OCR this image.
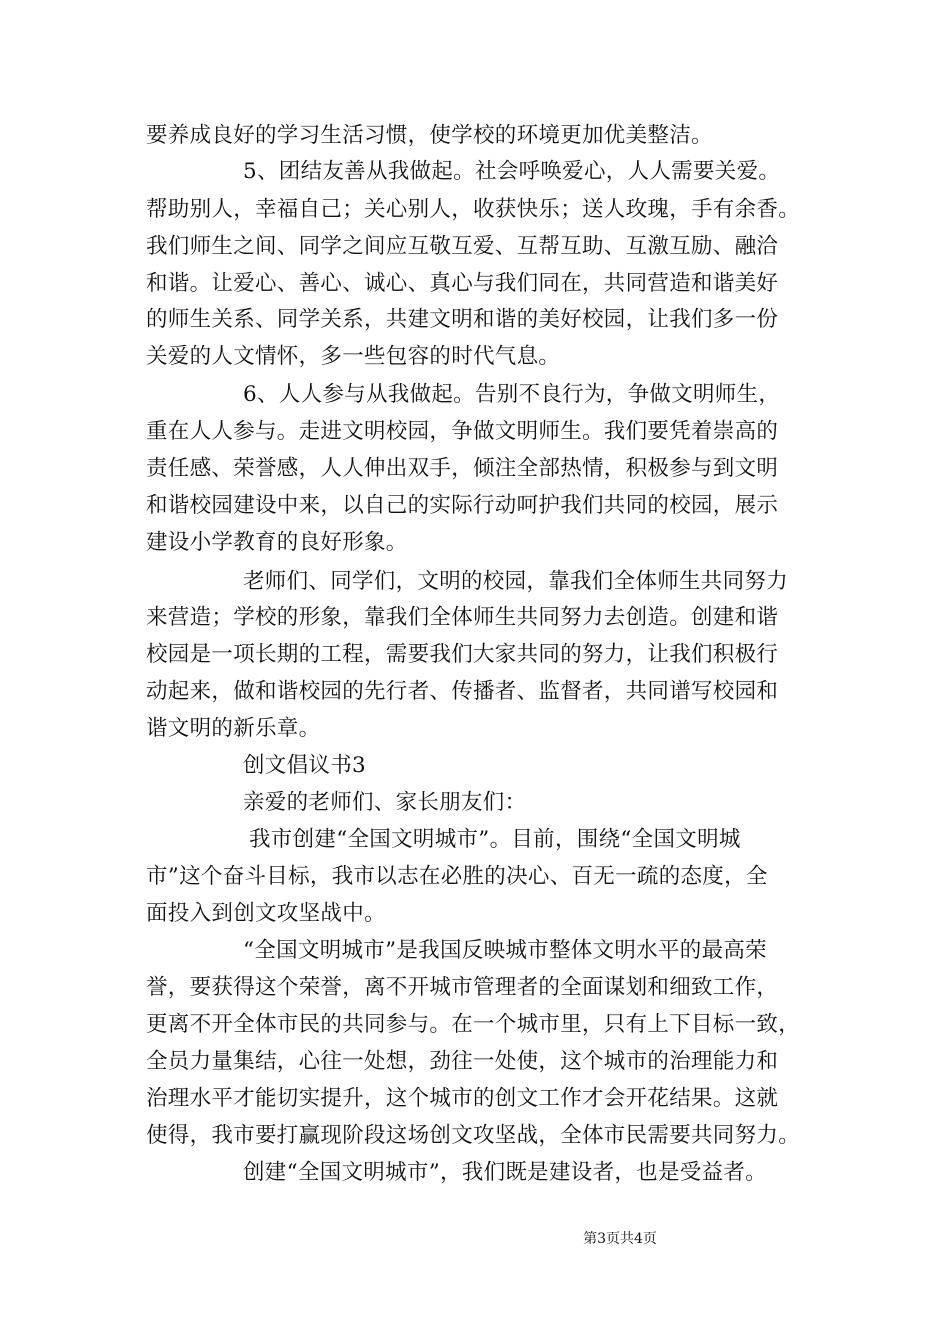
要养成良好的学习生活习惯，使学校的环境更加优美整洁。
5、团结友善从我做起。社会呼唤爱心，人人需要关爱。
帮助别人，幸福自己；关心别人，收获快乐；送人玫瑰，手有余香。
我们师生之间、同学之间应互敬互爱、互帮互助、互激互励、融洽
和谐。让爱心、善心、诚心、真心与我们同在，共同营造和谐美好
的师生关系、同学关系，共建文明和谐的美好校园，让我们多一份
关爱的人文情怀，多一些包容的时代气息。
6、人人参与从我做起。告别不良行为，争做文明师生，
重在人人参与。走进文明校园，争做文明师生。我们要凭着崇高的
责任感、荣誉感，人人伸出双手，倾注全部热情，积极参与到文明
和谐校园建设中来，以自己的实际行动呵护我们共同的校园，展示
建设小学教育的良好形象。
老师们、同学们，文明的校园，靠我们全体师生共同努力
来营造；学校的形象，靠我们全体师生共同努力去创造。创建和谐
校园是一项长期的工程，需要我们大家共同的努力，让我们积极行
动起来，做和谐校园的先行者、传播者、监督者，共同谱写校园和
谐文明的新乐章。
创文倡议书3
亲爱的老师们、家长朋友们：
我市创建“全国文明城市”。目前，围绕“全国文明城
市”这个奋斗目标，我市以志在必胜的决心、百无一疏的态度，全
面投入到创文攻坚战中。
“全国文明城市”是我国反映城市整体文明水平的最高荣
誉，要获得这个荣誉，离不开城市管理者的全面谋划和细致工作，
更离不开全体市民的共同参与。在一个城市里，只有上下目标一致，
全员力量集结，心往一处想，劲往一处使，这个城市的治理能力和
治理水平才能切实提升，这个城市的创文工作才会开花结果。这就
使得，我市要打赢现阶段这场创文攻坚战，全体市民需要共同努力。
创建“全国文明城市”，我们既是建设者，也是受益者。
第3页共4页
